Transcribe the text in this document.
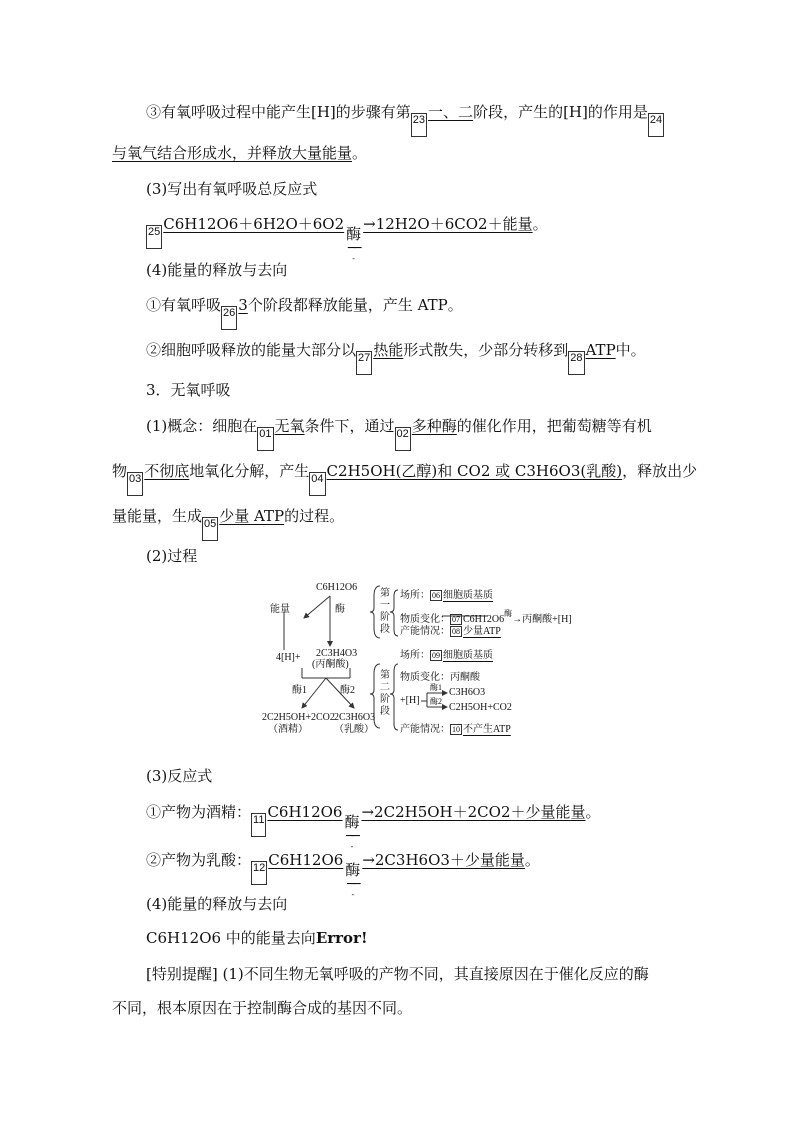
③有氧呼吸过程中能产生[H]的步骤有第 23 一、二阶段，产生的[H]的作用是 24
与氧气结合形成水，并释放大量能量。
(3)写出有氧呼吸总反应式
25 C6H12O6＋6H2O＋6O2
酶
──
-
→12H2O＋6CO2＋能量。
(4)能量的释放与去向
①有氧呼吸 26 3个阶段都释放能量，产生 ATP。
②细胞呼吸释放的能量大部分以 27 热能形式散失，少部分转移到 28 ATP中。
3．无氧呼吸
(1)概念：细胞在 01 无氧条件下，通过 02 多种酶的催化作用，把葡萄糖等有机
物 03 不彻底地氧化分解，产生 04 C2H5OH(乙醇)和 CO2 或 C3H6O3(乳酸)，释放出少
量能量，生成 05 少量 ATP的过程。
(2)过程
C6H12O6
能量	酶
4[H]+ 2C3H4O3
(丙酮酸)
酶1	酶2
2C2H5OH+2CO2
（酒精）
2C3H6O3
（乳酸）
第
一
阶
段
场所： 06 细胞质基质
物质变化： 07 $C6H12O6^酶\to$丙酮酸+[H]
产能情况： 08 少量ATP
第
二
阶
段
场所： 09 细胞质基质
物质变化：丙酮酸
+[H]
酶1 C3H6O3
酶2
C2H5OH+CO2
产能情况： 10 不产生ATP
(3)反应式
①产物为酒精： 11 C6H12O6
酶
──
-
→2C2H5OH＋2CO2＋少量能量。
②产物为乳酸： 12 C6H12O6
酶
──
-
→2C3H6O3＋少量能量。
(4)能量的释放与去向
C6H12O6 中的能量去向Error!
[特别提醒] (1)不同生物无氧呼吸的产物不同，其直接原因在于催化反应的酶
不同，根本原因在于控制酶合成的基因不同。
